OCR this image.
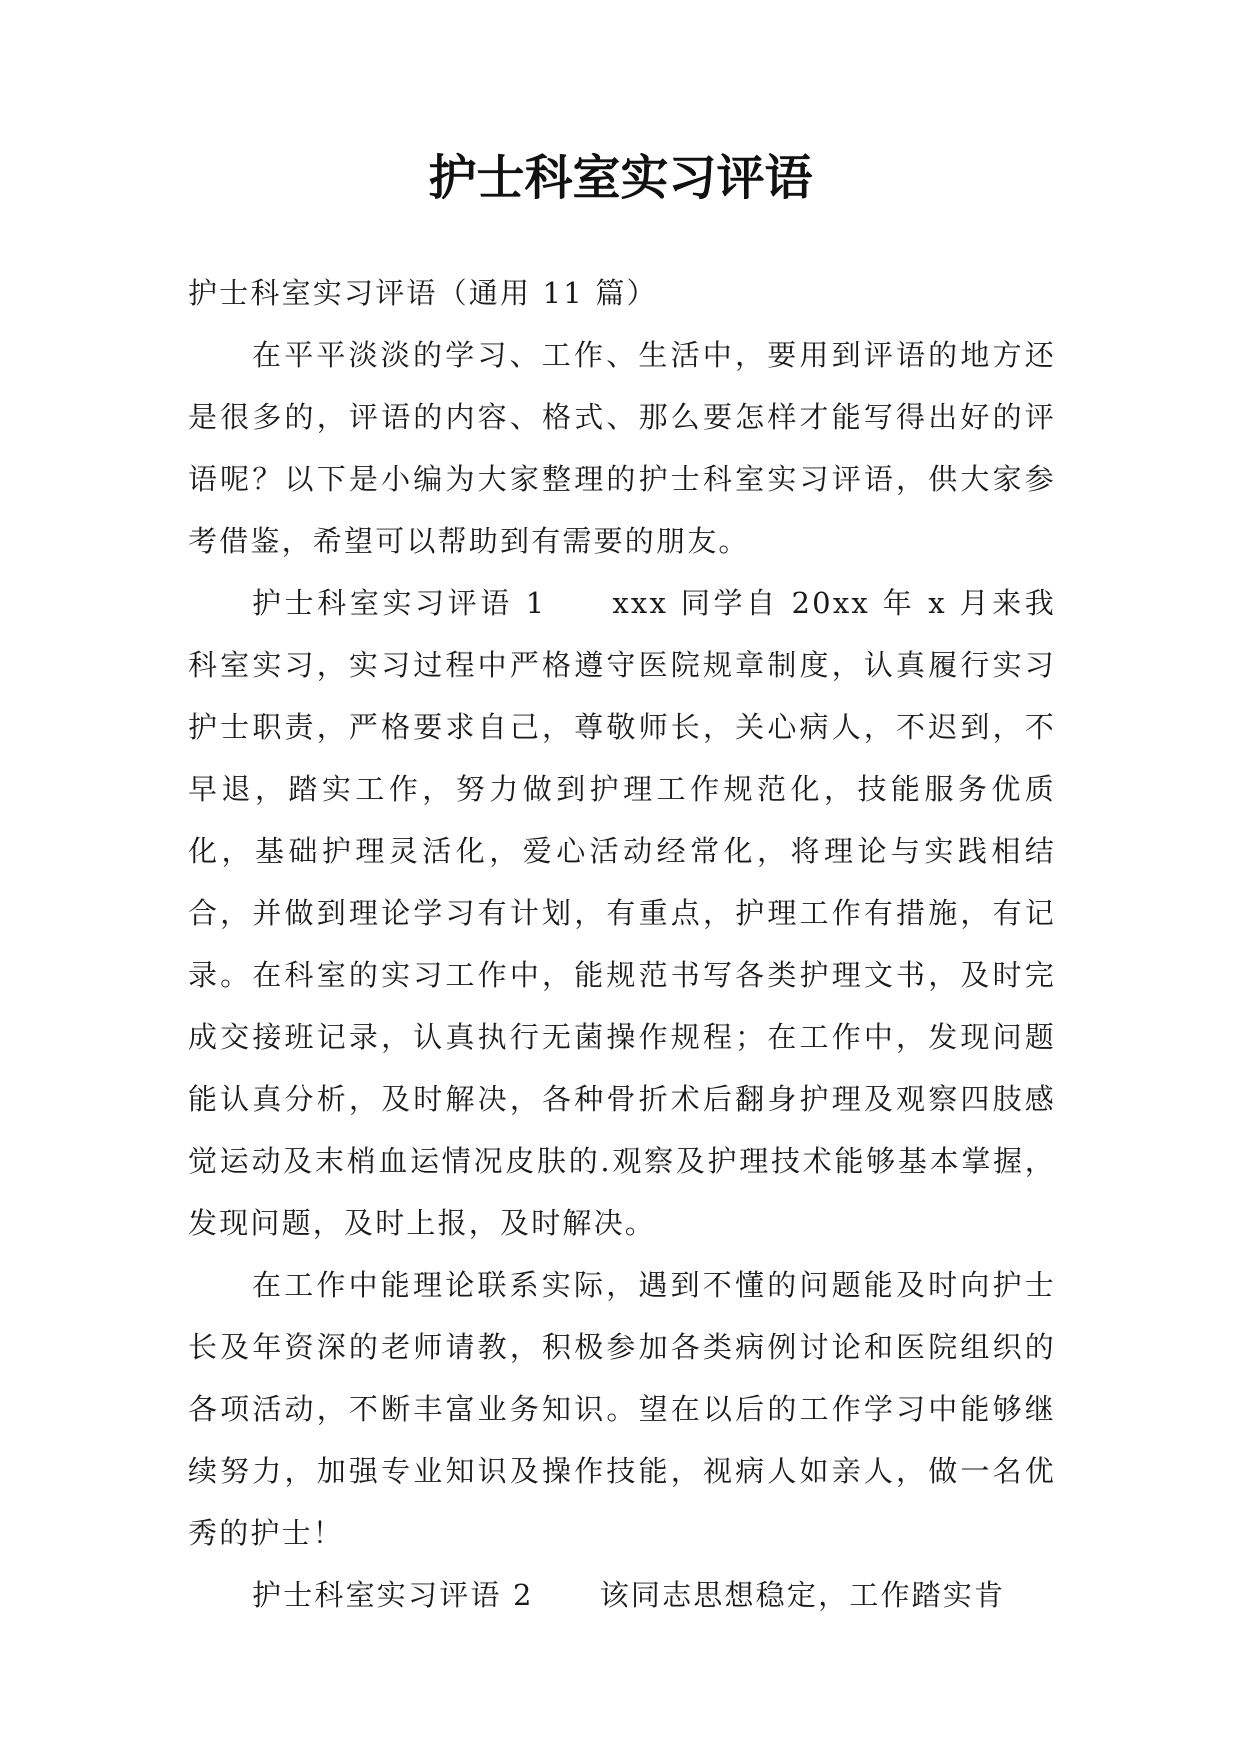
护士科室实习评语

护士科室实习评语（通用 11 篇）

在平平淡淡的学习、工作、生活中，要用到评语的地方还是很多的，评语的内容、格式、那么要怎样才能写得出好的评语呢？以下是小编为大家整理的护士科室实习评语，供大家参考借鉴，希望可以帮助到有需要的朋友。

护士科室实习评语 1 xxx 同学自 20xx 年 x 月来我科室实习，实习过程中严格遵守医院规章制度，认真履行实习护士职责，严格要求自己，尊敬师长，关心病人，不迟到，不早退，踏实工作，努力做到护理工作规范化，技能服务优质化，基础护理灵活化，爱心活动经常化，将理论与实践相结合，并做到理论学习有计划，有重点，护理工作有措施，有记录。在科室的实习工作中，能规范书写各类护理文书，及时完成交接班记录，认真执行无菌操作规程；在工作中，发现问题能认真分析，及时解决，各种骨折术后翻身护理及观察四肢感觉运动及末梢血运情况皮肤的.观察及护理技术能够基本掌握，发现问题，及时上报，及时解决。

在工作中能理论联系实际，遇到不懂的问题能及时向护士长及年资深的老师请教，积极参加各类病例讨论和医院组织的各项活动，不断丰富业务知识。望在以后的工作学习中能够继续努力，加强专业知识及操作技能，视病人如亲人，做一名优秀的护士！

护士科室实习评语 2 该同志思想稳定，工作踏实肯
